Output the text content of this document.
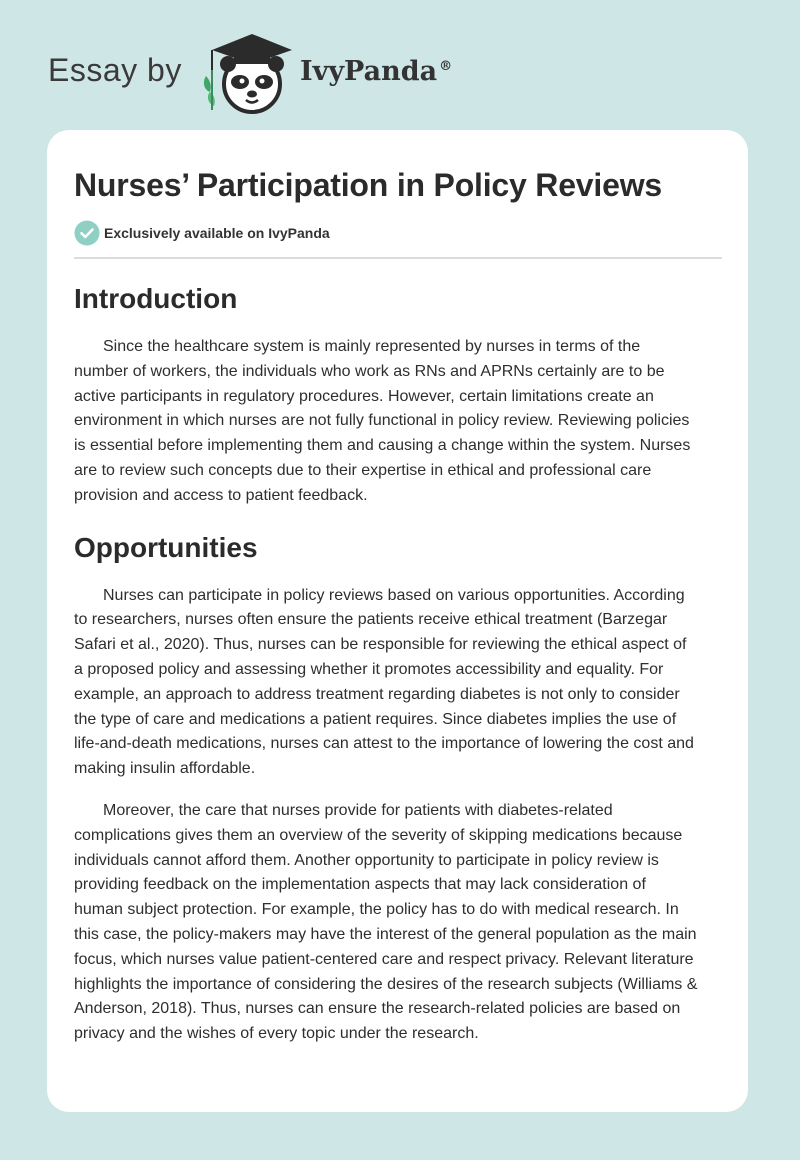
Essay by	IvyPanda ®
Nurses’ Participation in Policy Reviews
Exclusively available on IvyPanda
Introduction

Since the healthcare system is mainly represented by nurses in terms of the
number of workers, the individuals who work as RNs and APRNs certainly are to be
active participants in regulatory procedures. However, certain limitations create an
environment in which nurses are not fully functional in policy review. Reviewing policies
is essential before implementing them and causing a change within the system. Nurses
are to review such concepts due to their expertise in ethical and professional care
provision and access to patient feedback.

Opportunities

Nurses can participate in policy reviews based on various opportunities. According
to researchers, nurses often ensure the patients receive ethical treatment (Barzegar
Safari et al., 2020). Thus, nurses can be responsible for reviewing the ethical aspect of
a proposed policy and assessing whether it promotes accessibility and equality. For
example, an approach to address treatment regarding diabetes is not only to consider
the type of care and medications a patient requires. Since diabetes implies the use of
life-and-death medications, nurses can attest to the importance of lowering the cost and
making insulin affordable.

Moreover, the care that nurses provide for patients with diabetes-related
complications gives them an overview of the severity of skipping medications because
individuals cannot afford them. Another opportunity to participate in policy review is
providing feedback on the implementation aspects that may lack consideration of
human subject protection. For example, the policy has to do with medical research. In
this case, the policy-makers may have the interest of the general population as the main
focus, which nurses value patient-centered care and respect privacy. Relevant literature
highlights the importance of considering the desires of the research subjects (Williams &
Anderson, 2018). Thus, nurses can ensure the research-related policies are based on
privacy and the wishes of every topic under the research.
